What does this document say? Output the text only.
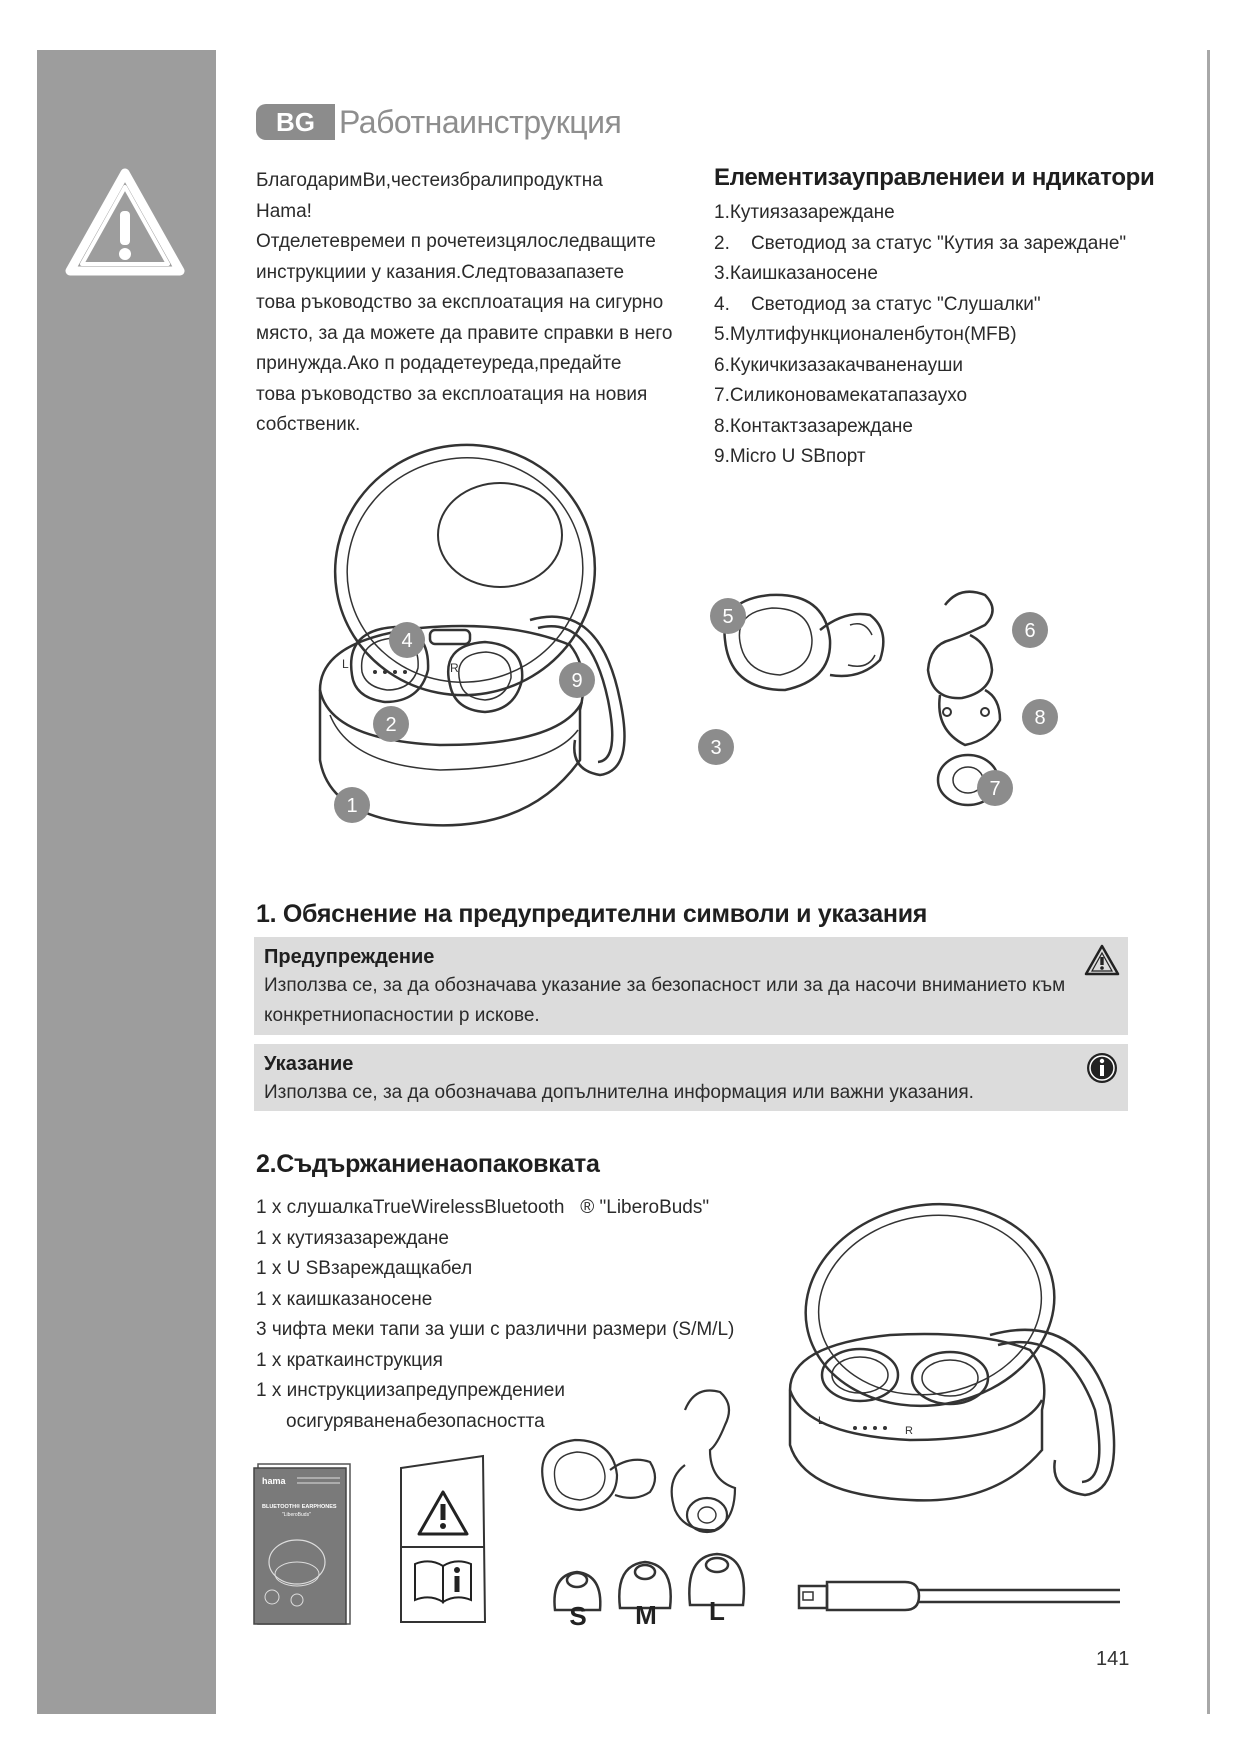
BG Работнаинструкция
БлагодаримВи,честеизбралипродуктна
Hama!
Отделетевремеи п рочетеизцялоследващите
инструкциии у казания.Следтовазапазете
това ръководство за експлоатация на сигурно
място, за да можете да правите справки в него
принужда.Ако п родадетеуреда,предайте
това ръководство за експлоатация на новия
собственик.
Елементизауправлениеи и ндикатори
1.Кутиязазареждане
2.    Светодиод за статус "Кутия за зареждане"
3.Каишказаносене
4.    Светодиод за статус "Слушалки"
5.Мултифункционаленбутон(MFB)
6.Кукичкизазакачваненауши
7.Силиконовамекатапазаухо
8.Контактзазареждане
9.Micro U SBпорт
L	R
4
2
1
9
3
5
6
8
7
1. Обяснение на предупредителни символи и указания
Предупреждение
Използва се, за да обозначава указание за безопасност или за да насочи вниманието към
конкретниопасностии р искове.
Указание
Използва се, за да обозначава допълнителна информация или важни указания.
2.Съдържаниенаопаковката
1 x слушалкаTrueWirelessBluetooth   ® "LiberoBuds"
1 x кутиязазареждане
1 x U SBзареждащкабел
1 x каишказаносене
3 чифта меки тапи за уши с различни размери (S/M/L)
1 x краткаинструкция
1 x инструкциизапредупреждениеи
осигуряваненабезопасността
hama
BLUETOOTH® EARPHONES
"LiberoBuds"
L
R
S M L
141
